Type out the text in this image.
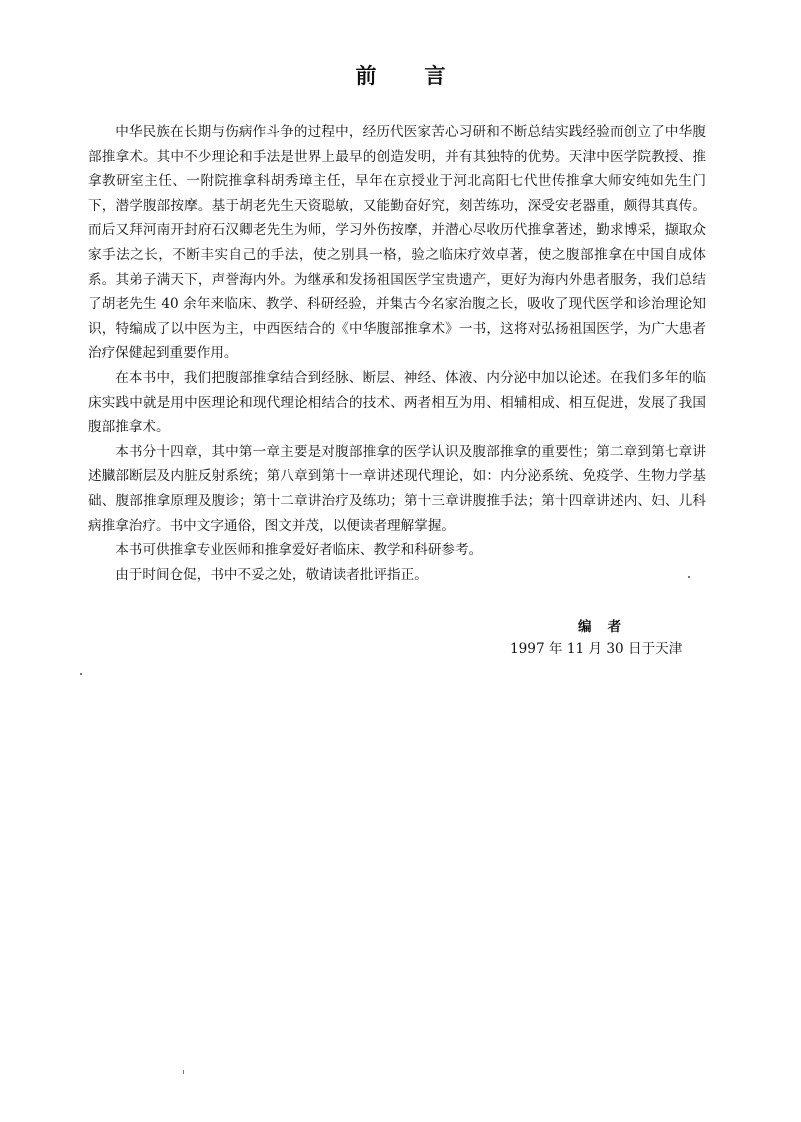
前 言

中华民族在长期与伤病作斗争的过程中，经历代医家苦心习研和不断总结实践经验而创立了中华腹部推拿术。其中不少理论和手法是世界上最早的创造发明，并有其独特的优势。天津中医学院教授、推拿教研室主任、一附院推拿科胡秀璋主任，早年在京授业于河北高阳七代世传推拿大师安纯如先生门下，潜学腹部按摩。基于胡老先生天资聪敏，又能勤奋好究，刻苦练功，深受安老器重，颇得其真传。而后又拜河南开封府石汉卿老先生为师，学习外伤按摩，并潜心尽收历代推拿著述，勤求博采，撷取众家手法之长，不断丰实自己的手法，使之别具一格，验之临床疗效卓著，使之腹部推拿在中国自成体系。其弟子满天下，声誉海内外。为继承和发扬祖国医学宝贵遗产，更好为海内外患者服务，我们总结了胡老先生 40 余年来临床、教学、科研经验，并集古今名家治腹之长，吸收了现代医学和诊治理论知识，特编成了以中医为主，中西医结合的《中华腹部推拿术》一书，这将对弘扬祖国医学，为广大患者治疗保健起到重要作用。

在本书中，我们把腹部推拿结合到经脉、断层、神经、体液、内分泌中加以论述。在我们多年的临床实践中就是用中医理论和现代理论相结合的技术、两者相互为用、相辅相成、相互促进，发展了我国腹部推拿术。

本书分十四章，其中第一章主要是对腹部推拿的医学认识及腹部推拿的重要性；第二章到第七章讲述臓部断层及内脏反射系统；第八章到第十一章讲述现代理论，如：内分泌系统、免疫学、生物力学基础、腹部推拿原理及腹诊；第十二章讲治疗及练功；第十三章讲腹推手法；第十四章讲述内、妇、儿科病推拿治疗。书中文字通俗，图文并茂，以便读者理解掌握。

本书可供推拿专业医师和推拿爱好者临床、教学和科研参考。

由于时间仓促，书中不妥之处，敬请读者批评指正。

编 者
1997 年 11 月 30 日于天津
